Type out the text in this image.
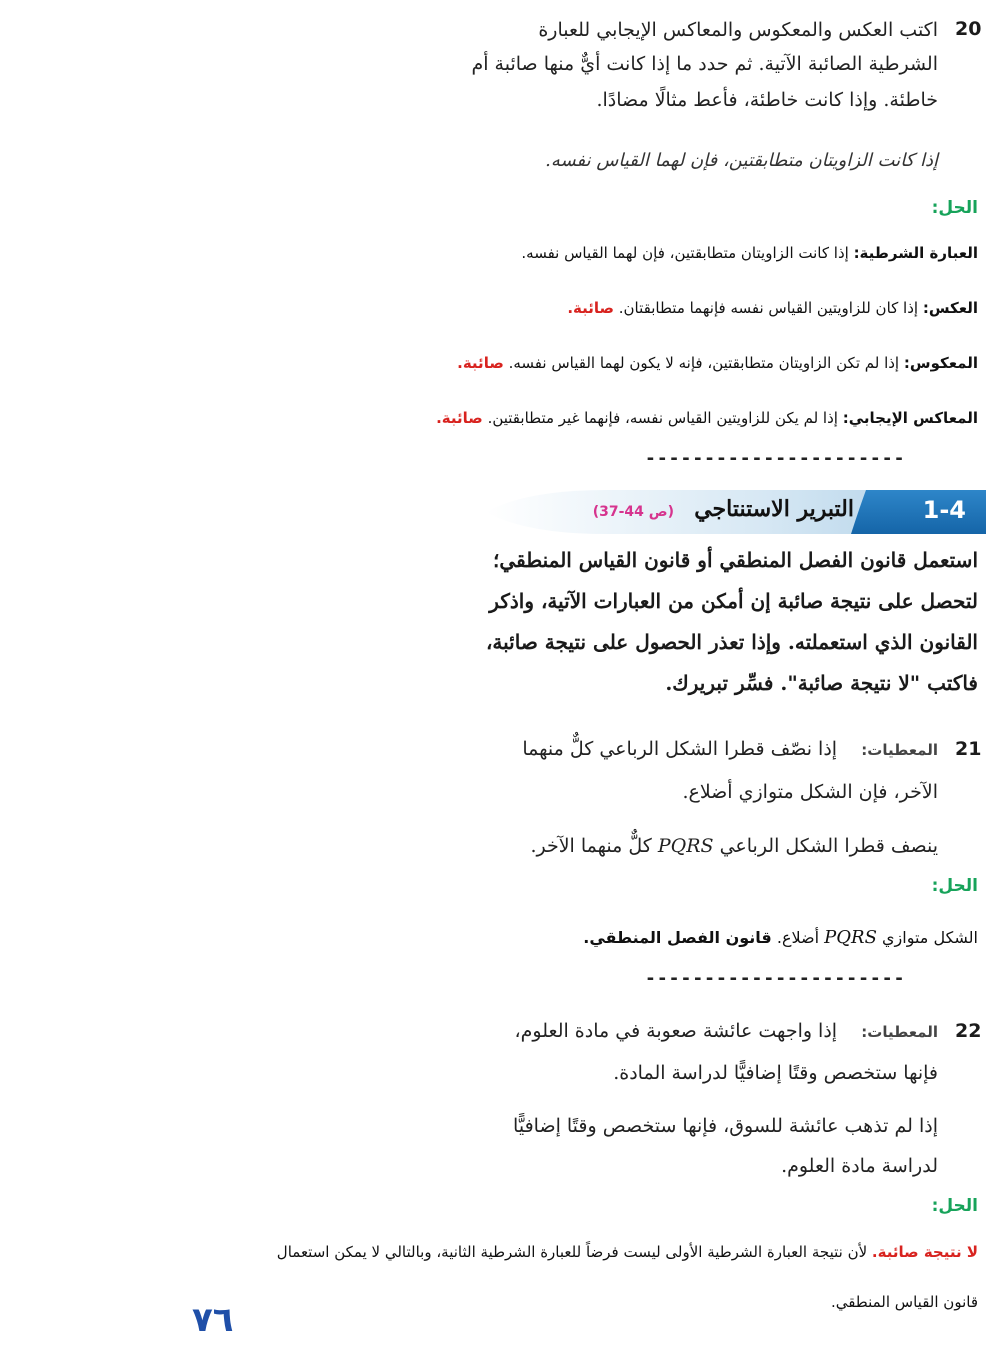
20
اكتب العكس والمعكوس والمعاكس الإيجابي للعبارة
الشرطية الصائبة الآتية. ثم حدد ما إذا كانت أيٌّ منها صائبة أم
خاطئة. وإذا كانت خاطئة، فأعط مثالًا مضادًا.
إذا كانت الزاويتان متطابقتين، فإن لهما القياس نفسه.
الحل:
العبارة الشرطية: إذا كانت الزاويتان متطابقتين، فإن لهما القياس نفسه.
العكس: إذا كان للزاويتين القياس نفسه فإنهما متطابقتان. صائبة.
المعكوس: إذا لم تكن الزاويتان متطابقتين، فإنه لا يكون لهما القياس نفسه. صائبة.
المعاكس الإيجابي: إذا لم يكن للزاويتين القياس نفسه، فإنهما غير متطابقتين. صائبة.
----------------------
1-4
التبرير الاستنتاجي
(ص 44-37)
استعمل قانون الفصل المنطقي أو قانون القياس المنطقي؛
لتحصل على نتيجة صائبة إن أمكن من العبارات الآتية، واذكر
القانون الذي استعملته. وإذا تعذر الحصول على نتيجة صائبة،
فاكتب "لا نتيجة صائبة". فسِّر تبريرك.
21
المعطيات:    إذا نصّف قطرا الشكل الرباعي كلٌّ منهما
الآخر، فإن الشكل متوازي أضلاع.
ينصف قطرا الشكل الرباعي PQRS كلٌّ منهما الآخر.
الحل:
الشكل متوازي PQRS أضلاع. قانون الفصل المنطقي.
----------------------
22
المعطيات:    إذا واجهت عائشة صعوبة في مادة العلوم،
فإنها ستخصص وقتًا إضافيًّا لدراسة المادة.
إذا لم تذهب عائشة للسوق، فإنها ستخصص وقتًا إضافيًّا
لدراسة مادة العلوم.
الحل:
لا نتيجة صائبة. لأن نتيجة العبارة الشرطية الأولى ليست فرضاً للعبارة الشرطية الثانية، وبالتالي لا يمكن استعمال
قانون القياس المنطقي.
٧٦
